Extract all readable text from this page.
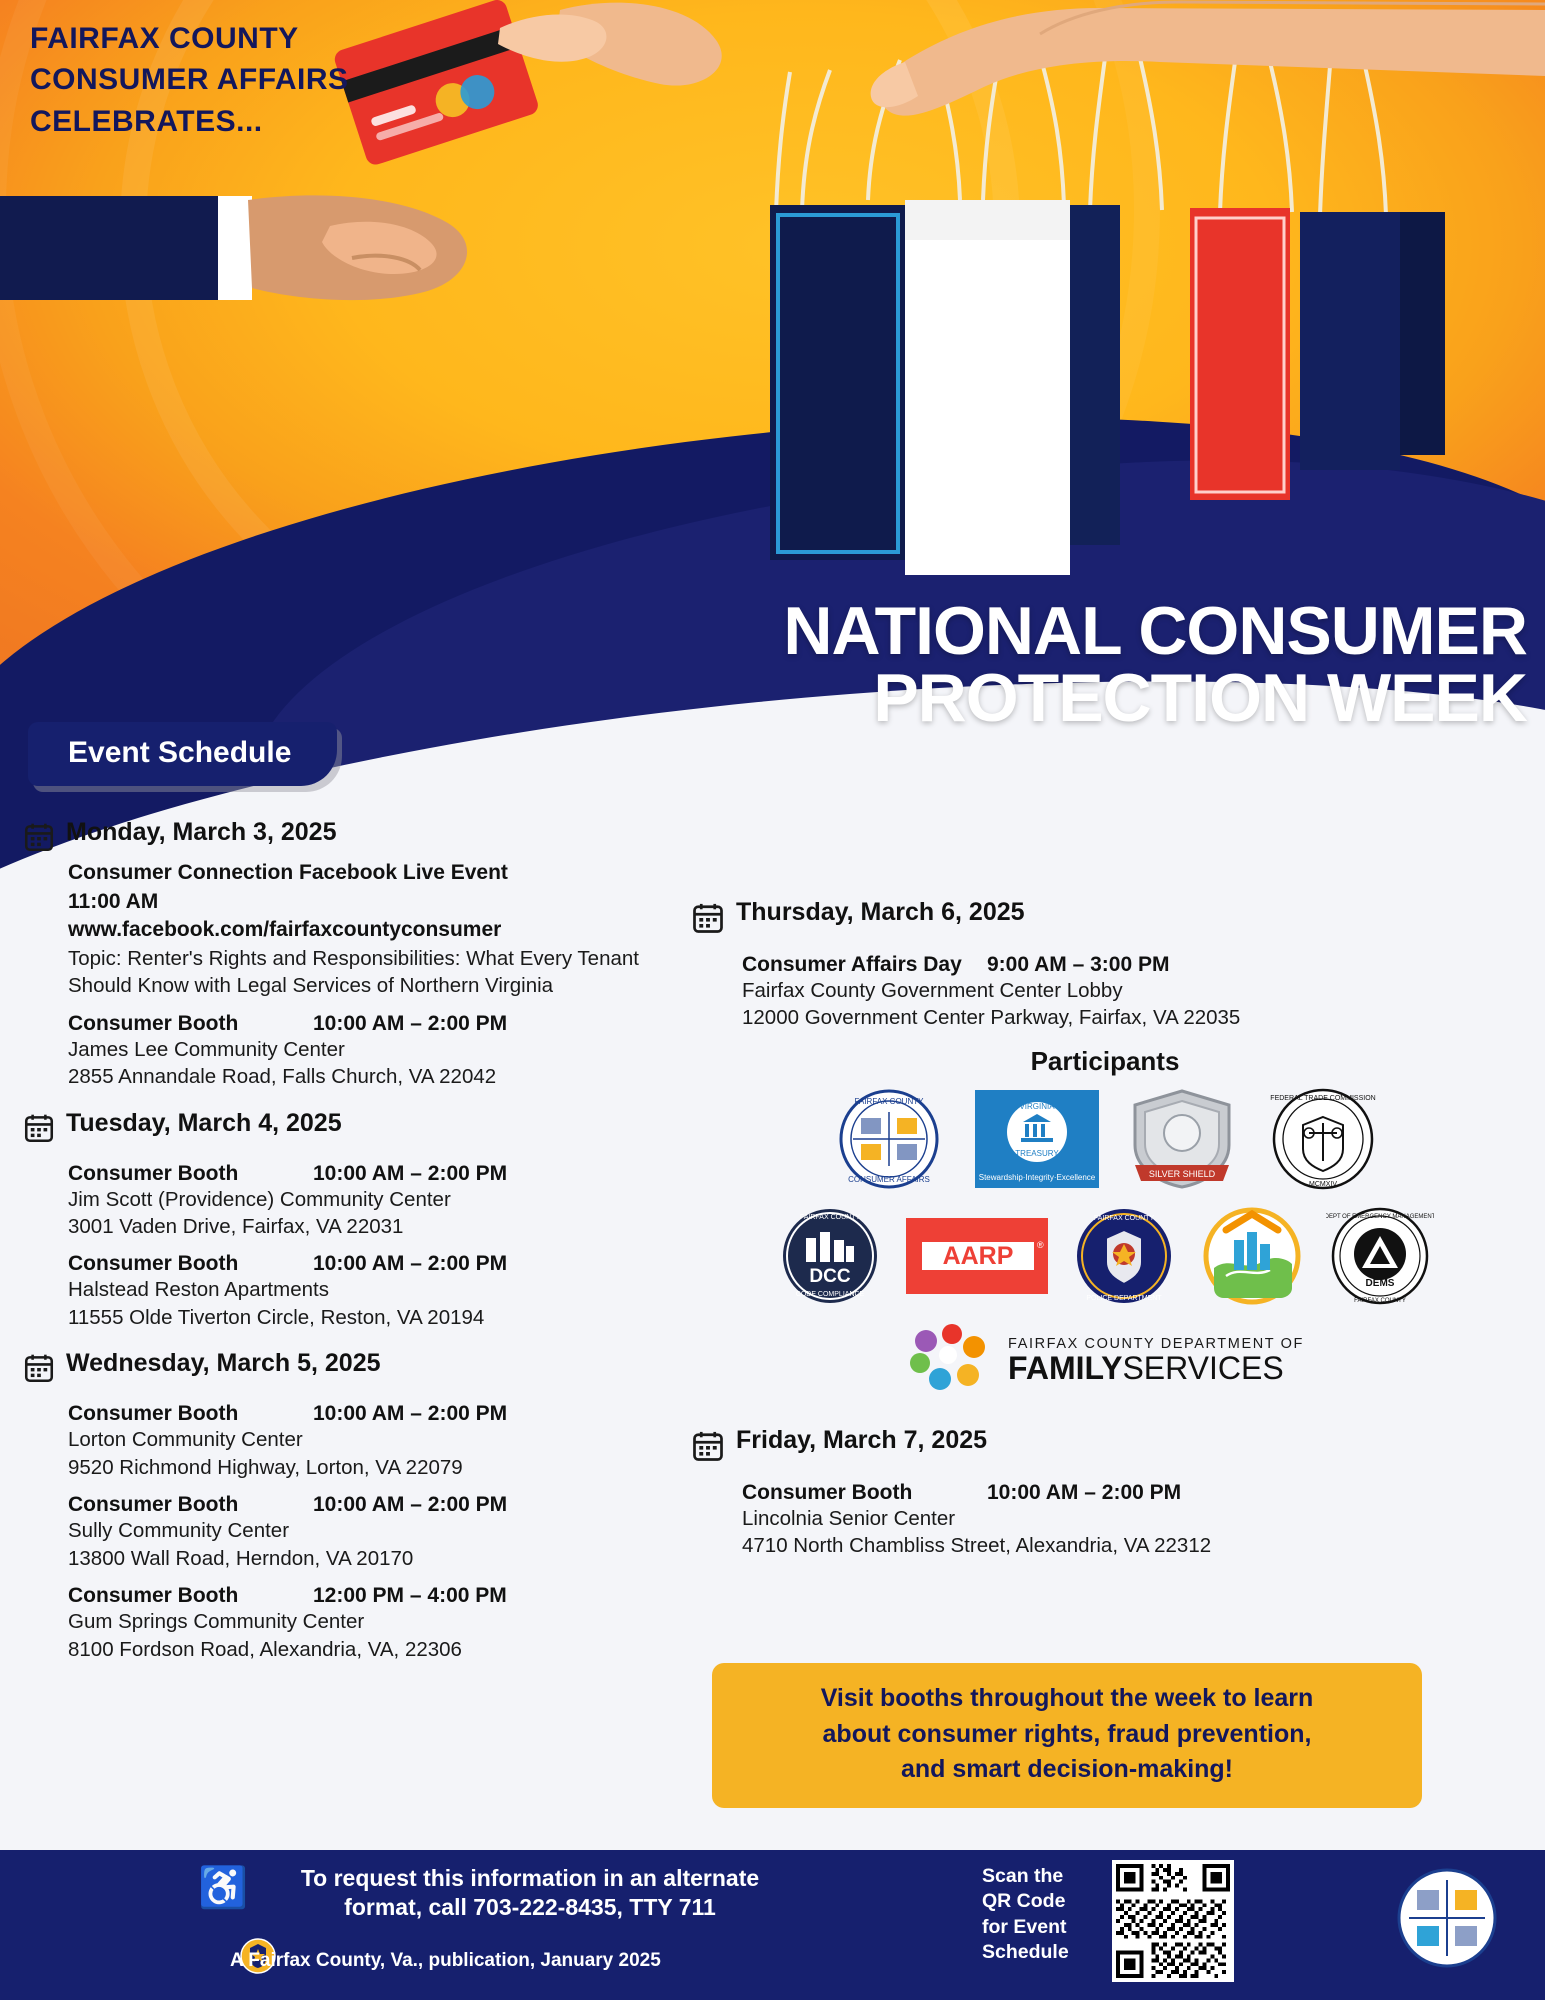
FAIRFAX COUNTY
CONSUMER AFFAIRS
CELEBRATES...
NATIONAL CONSUMER
PROTECTION WEEK
Event Schedule
Monday, March 3, 2025
Consumer Connection Facebook Live Event
11:00 AM
www.facebook.com/fairfaxcountyconsumer
Topic: Renter's Rights and Responsibilities: What Every Tenant Should Know with Legal Services of Northern Virginia
Consumer Booth	10:00 AM – 2:00 PM
James Lee Community Center
2855 Annandale Road, Falls Church, VA 22042
Tuesday, March 4, 2025
Consumer Booth	10:00 AM – 2:00 PM
Jim Scott (Providence) Community Center
3001 Vaden Drive, Fairfax, VA 22031
Consumer Booth	10:00 AM – 2:00 PM
Halstead Reston Apartments
11555 Olde Tiverton Circle, Reston, VA 20194
Wednesday, March 5, 2025
Consumer Booth	10:00 AM – 2:00 PM
Lorton Community Center
9520 Richmond Highway, Lorton, VA 22079
Consumer Booth	10:00 AM – 2:00 PM
Sully Community Center
13800 Wall Road, Herndon, VA 20170
Consumer Booth	12:00 PM – 4:00 PM
Gum Springs Community Center
8100 Fordson Road, Alexandria, VA, 22306
Thursday, March 6, 2025
Consumer Affairs Day	9:00 AM – 3:00 PM
Fairfax County Government Center Lobby
12000 Government Center Parkway, Fairfax, VA 22035
Participants
FAIRFAX COUNTY
CONSUMER AFFAIRS
VIRGINIA
TREASURY
Stewardship·Integrity·Excellence	SILVER SHIELD
FEDERAL TRADE COMMISSION
MCMXIV
FAIRFAX COUNTY
DCC
CODE COMPLIANCE
AARP	®
FAIRFAX COUNTY
POLICE DEPARTMENT
DEPT OF EMERGENCY MANAGEMENT
FAIRFAX COUNTY
DEMS
FAIRFAX COUNTY DEPARTMENT OF
FAMILYSERVICES
Friday, March 7, 2025
Consumer Booth	10:00 AM – 2:00 PM
Lincolnia Senior Center
4710 North Chambliss Street, Alexandria, VA 22312
Visit booths throughout the week to learn
about consumer rights, fraud prevention,
and smart decision-making!
♿	To request this information in an alternate
format, call 703-222-8435, TTY 711
A Fairfax County, Va., publication, January 2025
Scan the
QR Code
for Event
Schedule
